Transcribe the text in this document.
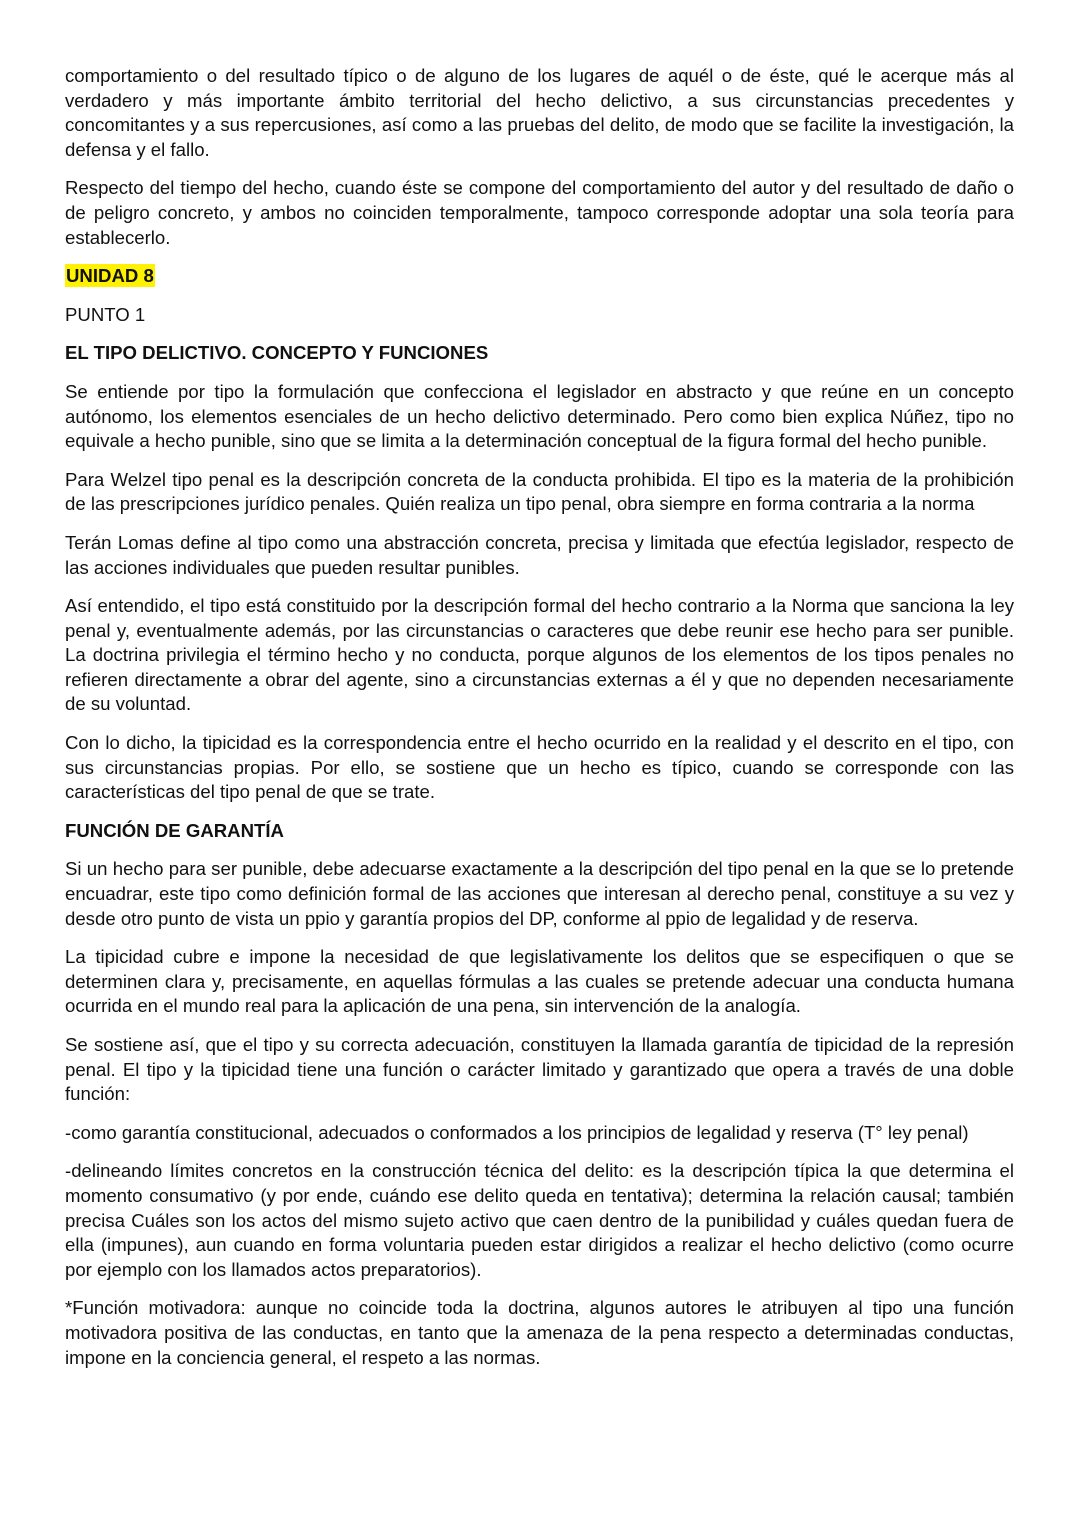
comportamiento o del resultado típico o de alguno de los lugares de aquél o de éste, qué le acerque más al verdadero y más importante ámbito territorial del hecho delictivo, a sus circunstancias precedentes y concomitantes y a sus repercusiones, así como a las pruebas del delito, de modo que se facilite la investigación, la defensa y el fallo.

Respecto del tiempo del hecho, cuando éste se compone del comportamiento del autor y del resultado de daño o de peligro concreto, y ambos no coinciden temporalmente, tampoco corresponde adoptar una sola teoría para establecerlo.

UNIDAD 8

PUNTO 1

EL TIPO DELICTIVO. CONCEPTO Y FUNCIONES

Se entiende por tipo la formulación que confecciona el legislador en abstracto y que reúne en un concepto autónomo, los elementos esenciales de un hecho delictivo determinado. Pero como bien explica Núñez, tipo no equivale a hecho punible, sino que se limita a la determinación conceptual de la figura formal del hecho punible.

Para Welzel tipo penal es la descripción concreta de la conducta prohibida. El tipo es la materia de la prohibición de las prescripciones jurídico penales. Quién realiza un tipo penal, obra siempre en forma contraria a la norma

Terán Lomas define al tipo como una abstracción concreta, precisa y limitada que efectúa legislador, respecto de las acciones individuales que pueden resultar punibles.

Así entendido, el tipo está constituido por la descripción formal del hecho contrario a la Norma que sanciona la ley penal y, eventualmente además, por las circunstancias o caracteres que debe reunir ese hecho para ser punible. La doctrina privilegia el término hecho y no conducta, porque algunos de los elementos de los tipos penales no refieren directamente a obrar del agente, sino a circunstancias externas a él y que no dependen necesariamente de su voluntad.

Con lo dicho, la tipicidad es la correspondencia entre el hecho ocurrido en la realidad y el descrito en el tipo, con sus circunstancias propias. Por ello, se sostiene que un hecho es típico, cuando se corresponde con las características del tipo penal de que se trate.

FUNCIÓN DE GARANTÍA

Si un hecho para ser punible, debe adecuarse exactamente a la descripción del tipo penal en la que se lo pretende encuadrar, este tipo como definición formal de las acciones que interesan al derecho penal, constituye a su vez y desde otro punto de vista un ppio y garantía propios del DP, conforme al ppio de legalidad y de reserva.

La tipicidad cubre e impone la necesidad de que legislativamente los delitos que se especifiquen o que se determinen clara y, precisamente, en aquellas fórmulas a las cuales se pretende adecuar una conducta humana ocurrida en el mundo real para la aplicación de una pena, sin intervención de la analogía.

Se sostiene así, que el tipo y su correcta adecuación, constituyen la llamada garantía de tipicidad de la represión penal. El tipo y la tipicidad tiene una función o carácter limitado y garantizado que opera a través de una doble función:

-como garantía constitucional, adecuados o conformados a los principios de legalidad y reserva (T° ley penal)

-delineando límites concretos en la construcción técnica del delito: es la descripción típica la que determina el momento consumativo (y por ende, cuándo ese delito queda en tentativa); determina la relación causal; también precisa Cuáles son los actos del mismo sujeto activo que caen dentro de la punibilidad y cuáles quedan fuera de ella (impunes), aun cuando en forma voluntaria pueden estar dirigidos a realizar el hecho delictivo (como ocurre por ejemplo con los llamados actos preparatorios).

*Función motivadora: aunque no coincide toda la doctrina, algunos autores le atribuyen al tipo una función motivadora positiva de las conductas, en tanto que la amenaza de la pena respecto a determinadas conductas, impone en la conciencia general, el respeto a las normas.
